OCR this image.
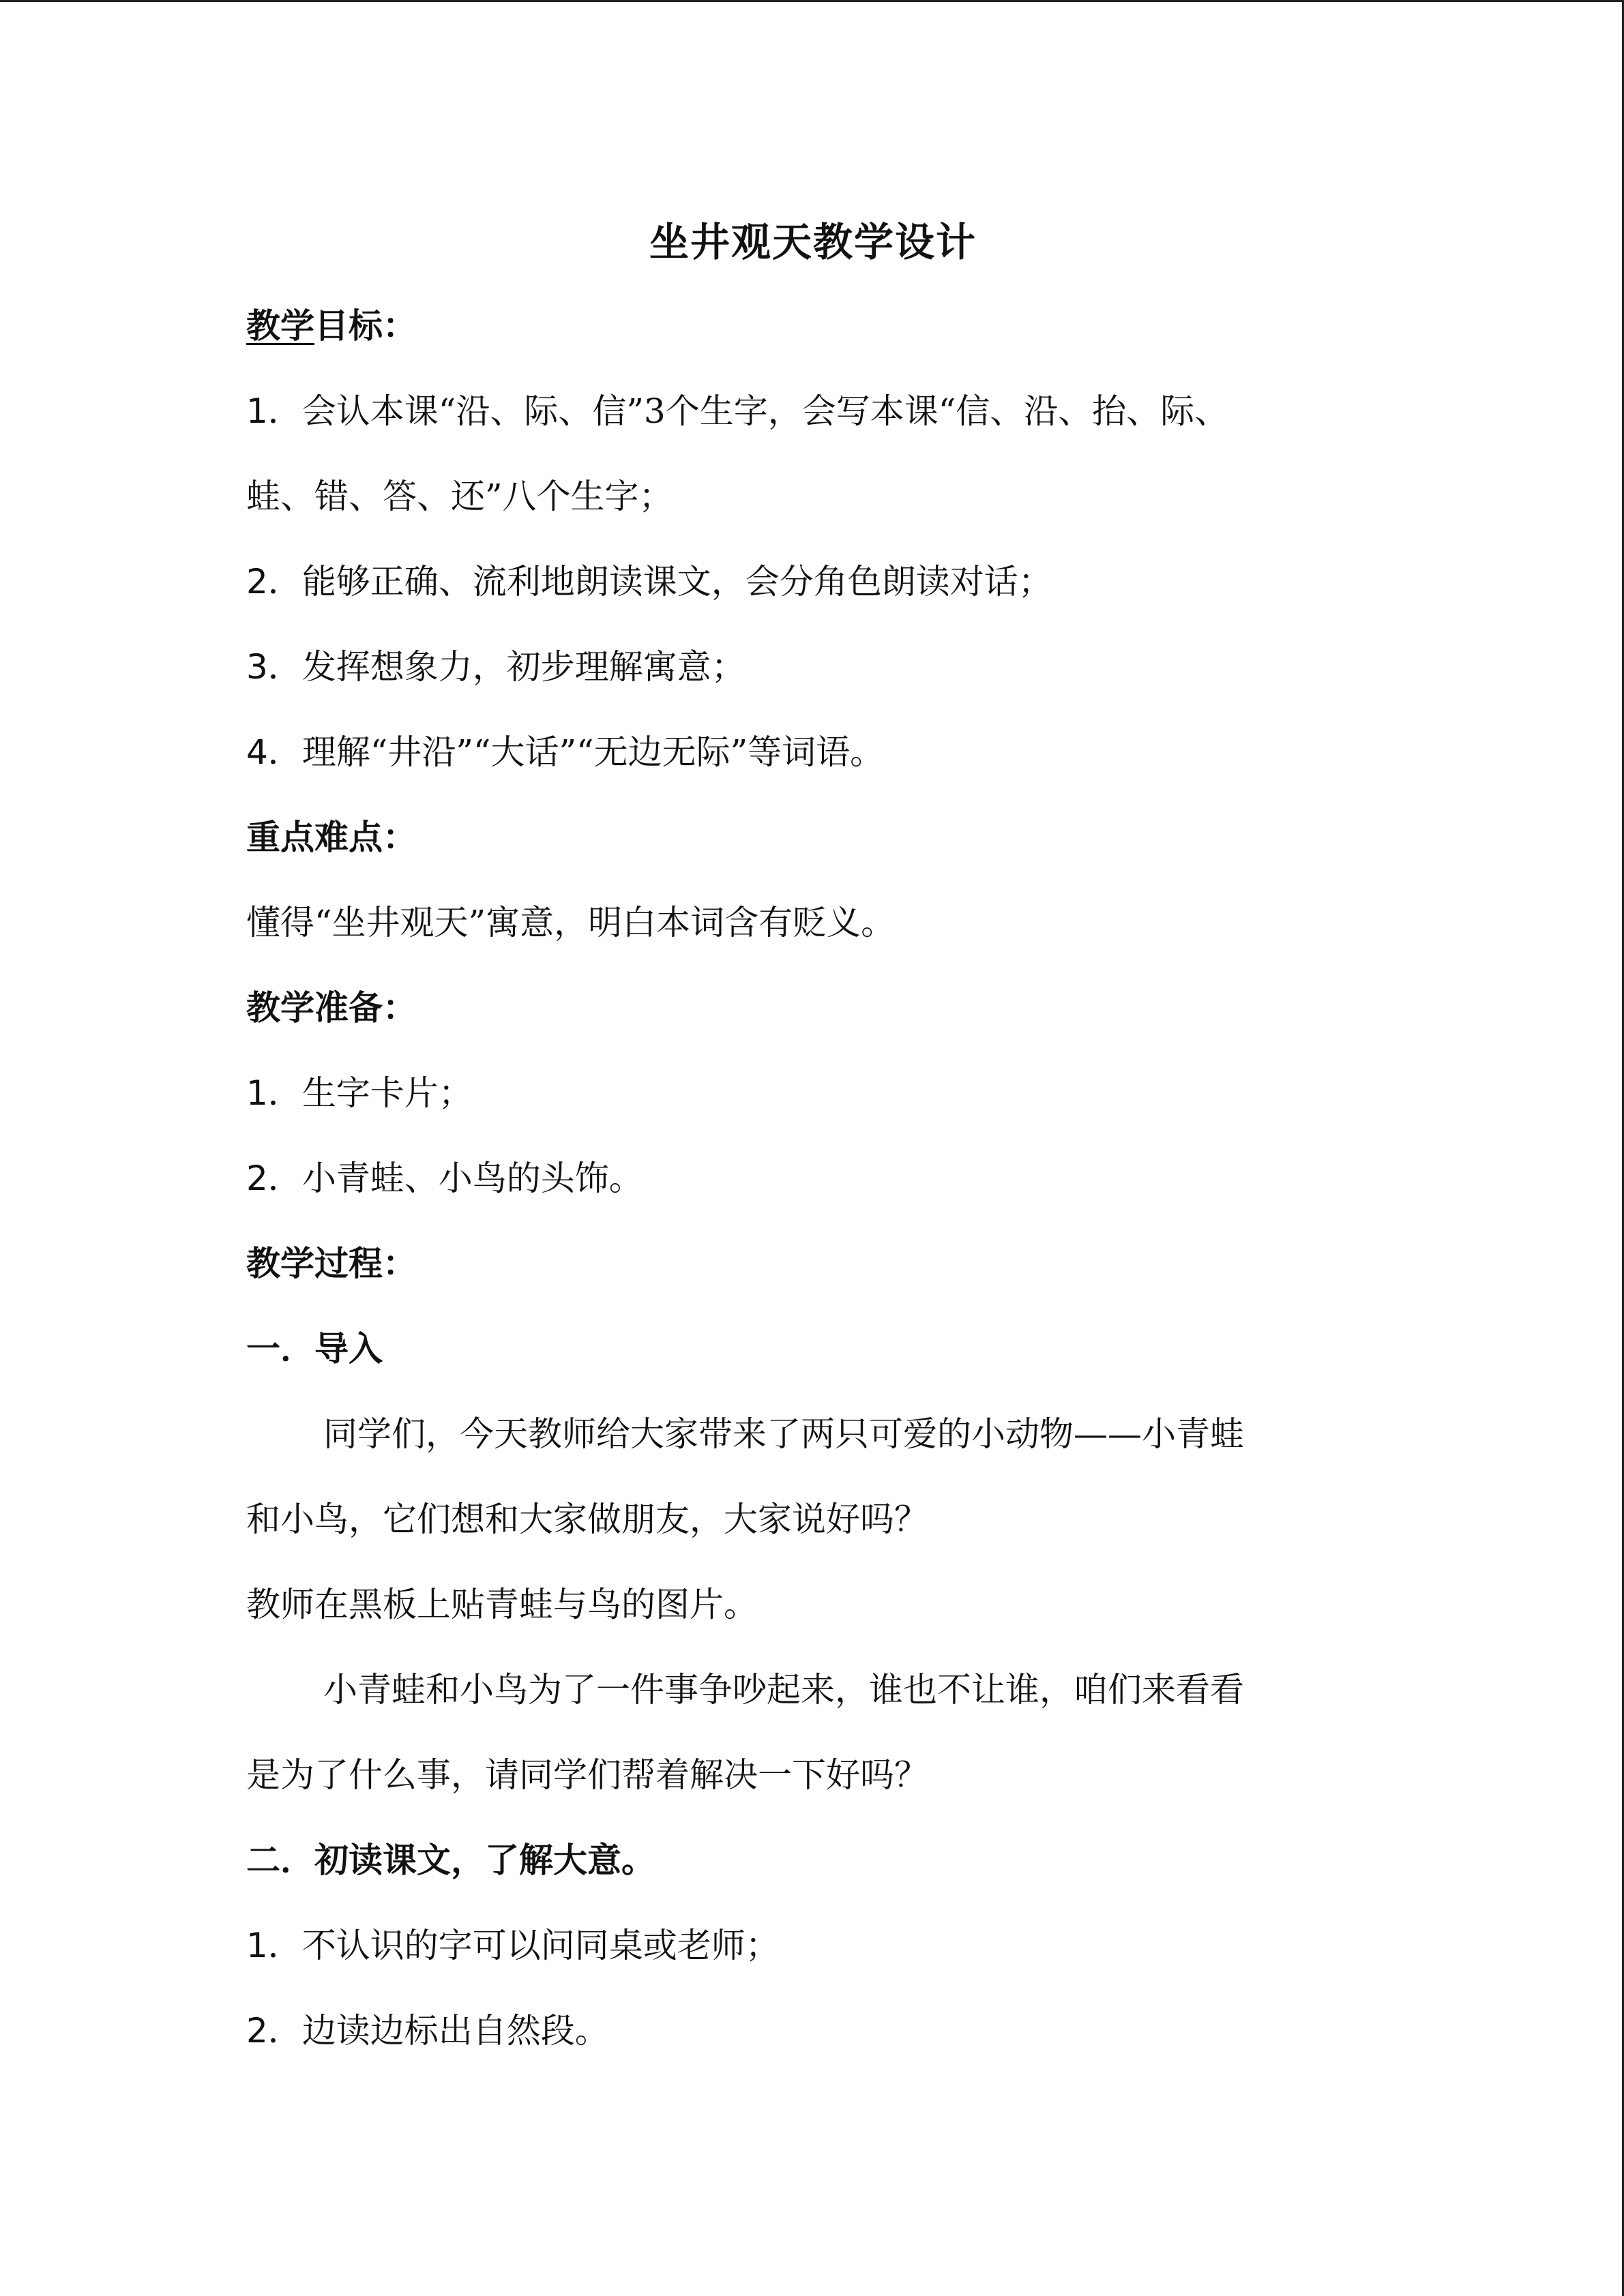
坐井观天教学设计
教学目标：
1．会认本课“沿、际、信”3个生字，会写本课“信、沿、抬、际、
蛙、错、答、还”八个生字；
2．能够正确、流利地朗读课文，会分角色朗读对话；
3．发挥想象力，初步理解寓意；
4．理解“井沿”“大话”“无边无际”等词语。
重点难点：
懂得“坐井观天”寓意，明白本词含有贬义。
教学准备：
1．生字卡片；
2．小青蛙、小鸟的头饰。
教学过程：
一．导入
同学们，今天教师给大家带来了两只可爱的小动物——小青蛙
和小鸟，它们想和大家做朋友，大家说好吗？
教师在黑板上贴青蛙与鸟的图片。
小青蛙和小鸟为了一件事争吵起来，谁也不让谁，咱们来看看
是为了什么事，请同学们帮着解决一下好吗？
二．初读课文，了解大意。
1．不认识的字可以问同桌或老师；
2．边读边标出自然段。
